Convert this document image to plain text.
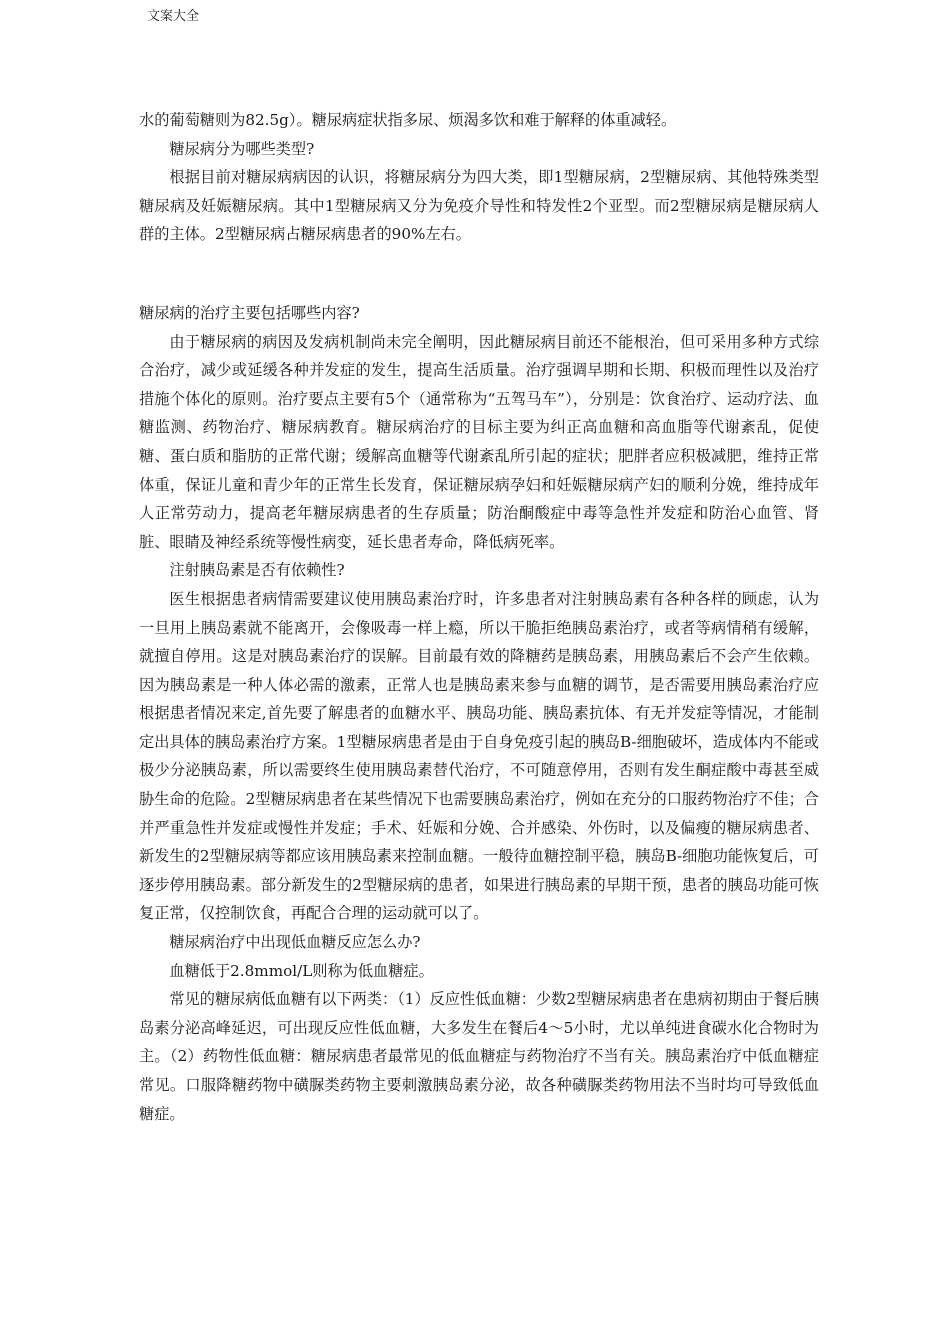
文案大全

水的葡萄糖则为82.5g）。糖尿病症状指多尿、烦渴多饮和难于解释的体重减轻。

糖尿病分为哪些类型?

根据目前对糖尿病病因的认识，将糖尿病分为四大类，即1型糖尿病，2型糖尿病、其他特殊类型糖尿病及妊娠糖尿病。其中1型糖尿病又分为免疫介导性和特发性2个亚型。而2型糖尿病是糖尿病人群的主体。2型糖尿病占糖尿病患者的90%左右。

糖尿病的治疗主要包括哪些内容?

由于糖尿病的病因及发病机制尚未完全阐明，因此糖尿病目前还不能根治，但可采用多种方式综合治疗，减少或延缓各种并发症的发生，提高生活质量。治疗强调早期和长期、积极而理性以及治疗措施个体化的原则。治疗要点主要有5个（通常称为“五驾马车”），分别是：饮食治疗、运动疗法、血糖监测、药物治疗、糖尿病教育。糖尿病治疗的目标主要为纠正高血糖和高血脂等代谢紊乱，促使糖、蛋白质和脂肪的正常代谢；缓解高血糖等代谢紊乱所引起的症状；肥胖者应积极减肥，维持正常体重，保证儿童和青少年的正常生长发育，保证糖尿病孕妇和妊娠糖尿病产妇的顺利分娩，维持成年人正常劳动力，提高老年糖尿病患者的生存质量；防治酮酸症中毒等急性并发症和防治心血管、肾脏、眼睛及神经系统等慢性病变，延长患者寿命，降低病死率。

注射胰岛素是否有依赖性?

医生根据患者病情需要建议使用胰岛素治疗时，许多患者对注射胰岛素有各种各样的顾虑，认为一旦用上胰岛素就不能离开，会像吸毒一样上瘾，所以干脆拒绝胰岛素治疗，或者等病情稍有缓解，就擅自停用。这是对胰岛素治疗的误解。目前最有效的降糖药是胰岛素，用胰岛素后不会产生依赖。因为胰岛素是一种人体必需的激素，正常人也是胰岛素来参与血糖的调节，是否需要用胰岛素治疗应根据患者情况来定,首先要了解患者的血糖水平、胰岛功能、胰岛素抗体、有无并发症等情况，才能制定出具体的胰岛素治疗方案。1型糖尿病患者是由于自身免疫引起的胰岛B-细胞破坏，造成体内不能或极少分泌胰岛素，所以需要终生使用胰岛素替代治疗，不可随意停用，否则有发生酮症酸中毒甚至威胁生命的危险。2型糖尿病患者在某些情况下也需要胰岛素治疗，例如在充分的口服药物治疗不佳；合并严重急性并发症或慢性并发症；手术、妊娠和分娩、合并感染、外伤时，以及偏瘦的糖尿病患者、新发生的2型糖尿病等都应该用胰岛素来控制血糖。一般待血糖控制平稳，胰岛B-细胞功能恢复后，可逐步停用胰岛素。部分新发生的2型糖尿病的患者，如果进行胰岛素的早期干预，患者的胰岛功能可恢复正常，仅控制饮食，再配合合理的运动就可以了。

糖尿病治疗中出现低血糖反应怎么办?

血糖低于2.8mmol/L则称为低血糖症。

常见的糖尿病低血糖有以下两类：（1）反应性低血糖：少数2型糖尿病患者在患病初期由于餐后胰岛素分泌高峰延迟，可出现反应性低血糖，大多发生在餐后4～5小时，尤以单纯进食碳水化合物时为主。（2）药物性低血糖：糖尿病患者最常见的低血糖症与药物治疗不当有关。胰岛素治疗中低血糖症常见。口服降糖药物中磺脲类药物主要刺激胰岛素分泌，故各种磺脲类药物用法不当时均可导致低血糖症。
